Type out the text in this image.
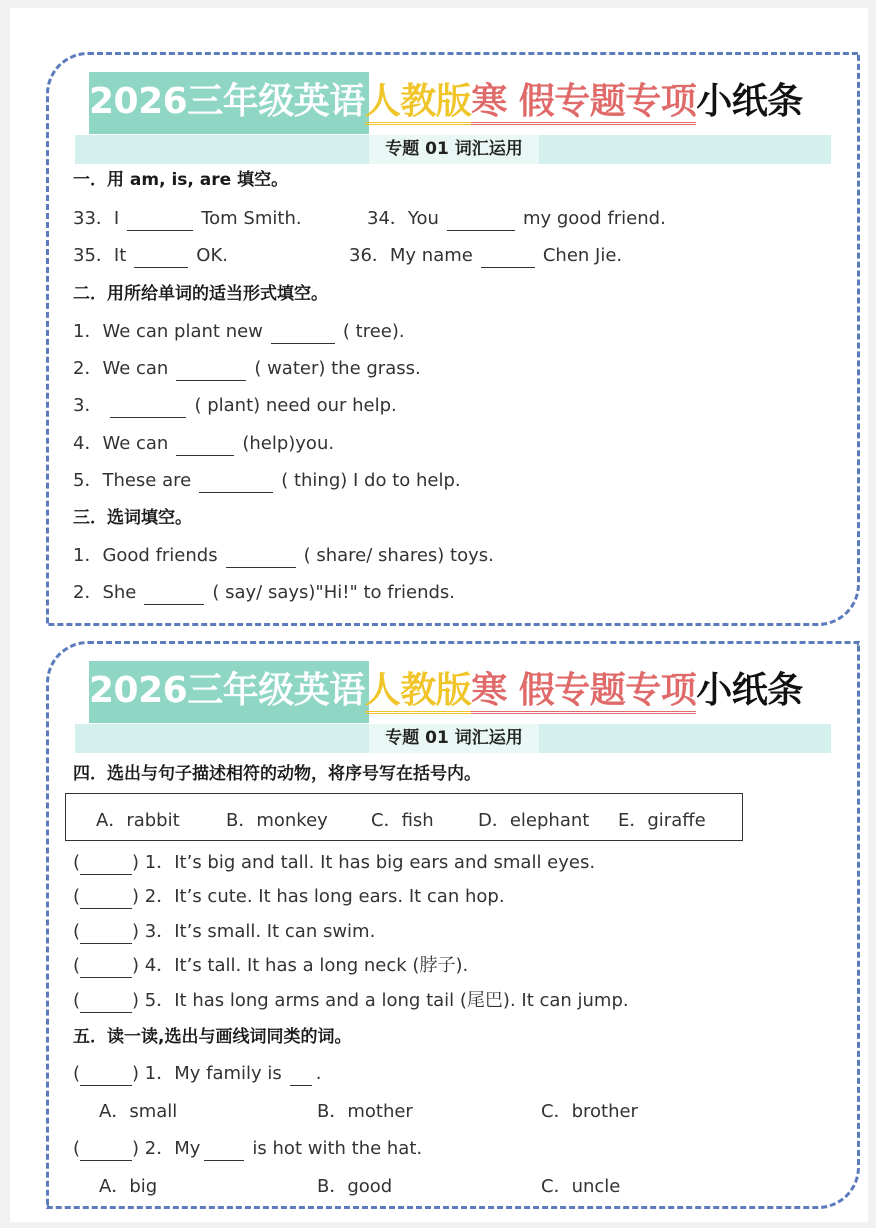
2026三年级英语人教版寒 假专题专项小纸条
专题 01 词汇运用
一．用 am, is, are 填空。
33．I	Tom Smith.	34．You	my good friend.
35．It	OK.	36．My name	Chen Jie.
二．用所给单词的适当形式填空。
1．We can plant new	( tree).
2．We can	( water) the grass.
3．	( plant) need our help.
4．We can	(help)you.
5．These are	( thing) I do to help.
三．选词填空。
1．Good friends	( share/ shares) toys.
2．She	( say/ says)"Hi!" to friends.
2026三年级英语人教版寒 假专题专项小纸条
专题 01 词汇运用
四．选出与句子描述相符的动物，将序号写在括号内。
A．rabbit	B．monkey C．fish D．elephant E．giraffe
(	) 1．It’s big and tall. It has big ears and small eyes.
(	) 2．It’s cute. It has long ears. It can hop.
(	) 3．It’s small. It can swim.
(	) 4．It’s tall. It has a long neck (脖子).
(	) 5．It has long arms and a long tail (尾巴). It can jump.
五．读一读,选出与画线词同类的词。
(	) 1．My family is .
A．small	B．mother	C．brother
(	) 2．My	is hot with the hat.
A．big	B．good	C．uncle
